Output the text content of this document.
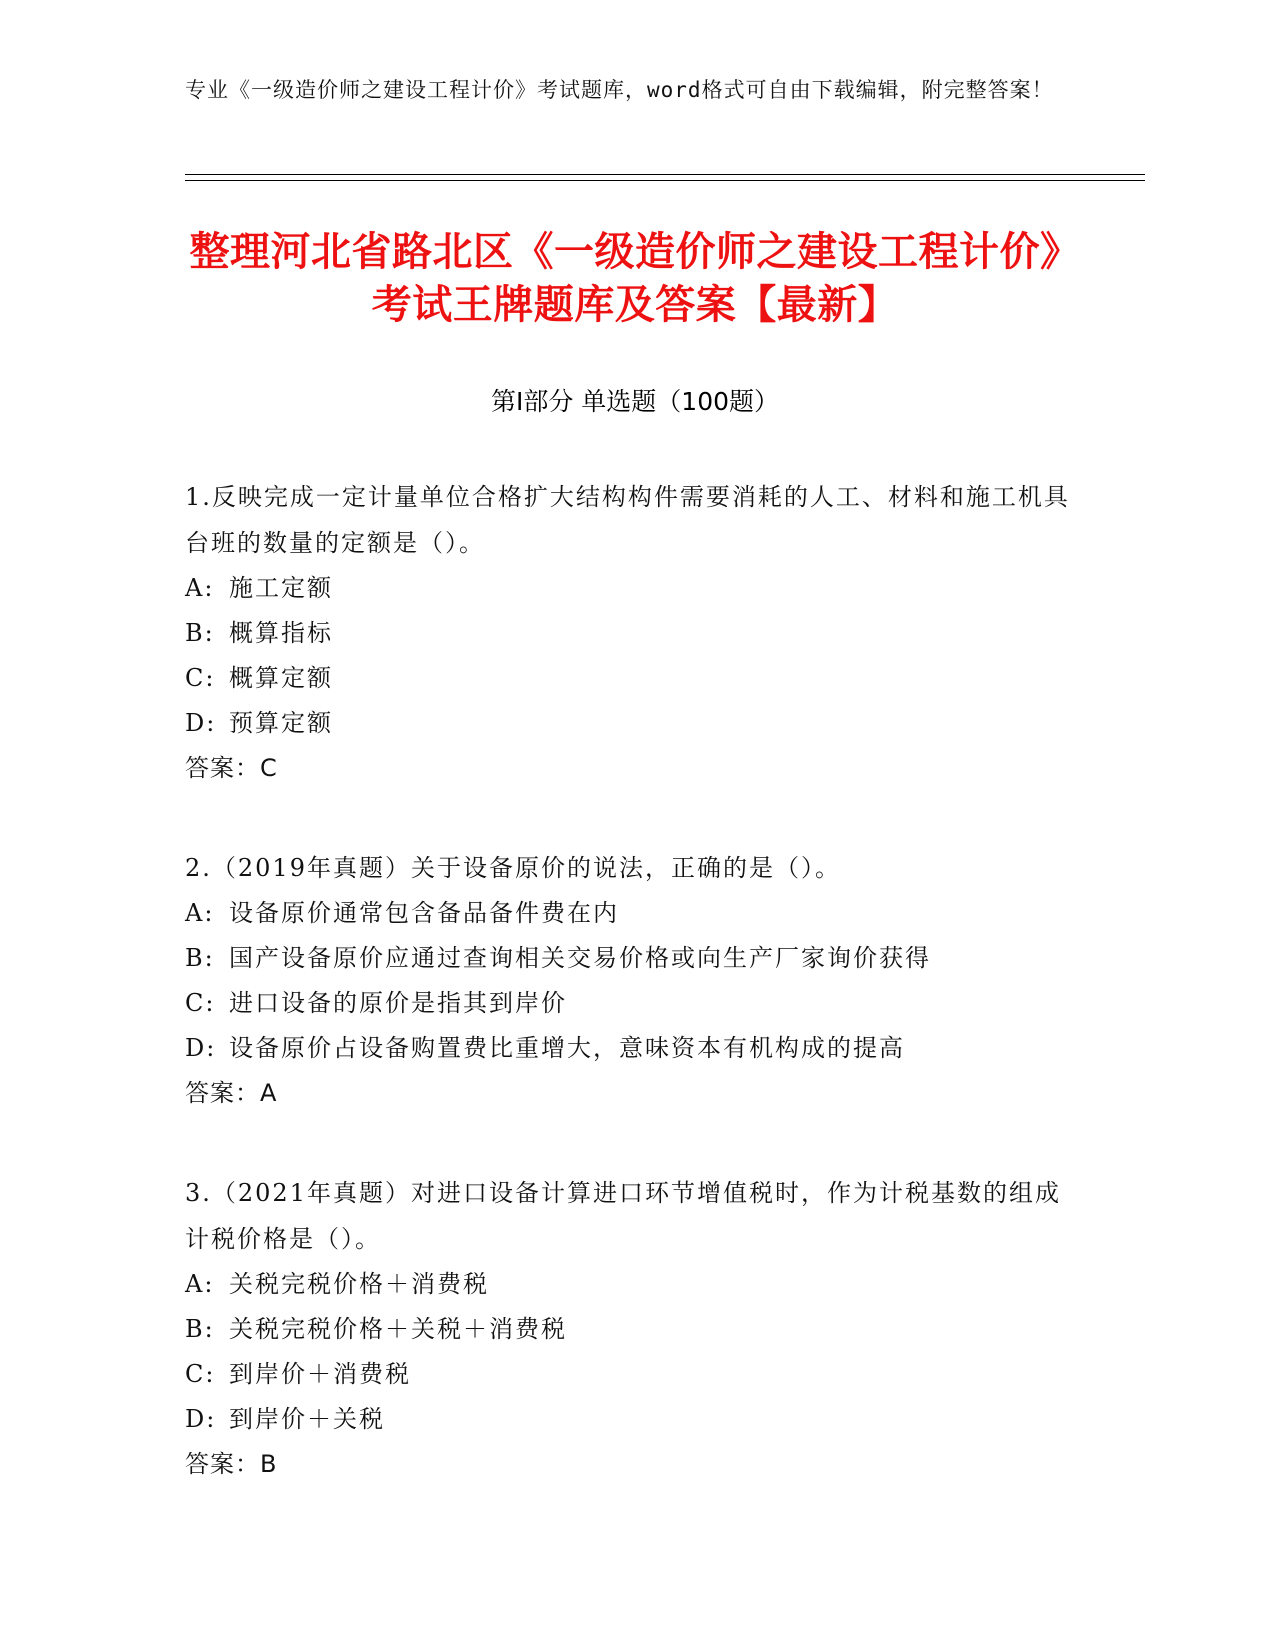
专业《一级造价师之建设工程计价》考试题库，word格式可自由下载编辑，附完整答案！
整理河北省路北区《一级造价师之建设工程计价》考试王牌题库及答案【最新】
第Ⅰ部分 单选题（100题）
1.反映完成一定计量单位合格扩大结构构件需要消耗的人工、材料和施工机具台班的数量的定额是（）。
A: 施工定额
B: 概算指标
C: 概算定额
D: 预算定额
答案：C
2.（2019年真题）关于设备原价的说法，正确的是（）。
A: 设备原价通常包含备品备件费在内
B: 国产设备原价应通过查询相关交易价格或向生产厂家询价获得
C: 进口设备的原价是指其到岸价
D: 设备原价占设备购置费比重增大，意味资本有机构成的提高
答案：A
3.（2021年真题）对进口设备计算进口环节增值税时，作为计税基数的组成计税价格是（）。
A: 关税完税价格＋消费税
B: 关税完税价格＋关税＋消费税
C: 到岸价＋消费税
D: 到岸价＋关税
答案：B
